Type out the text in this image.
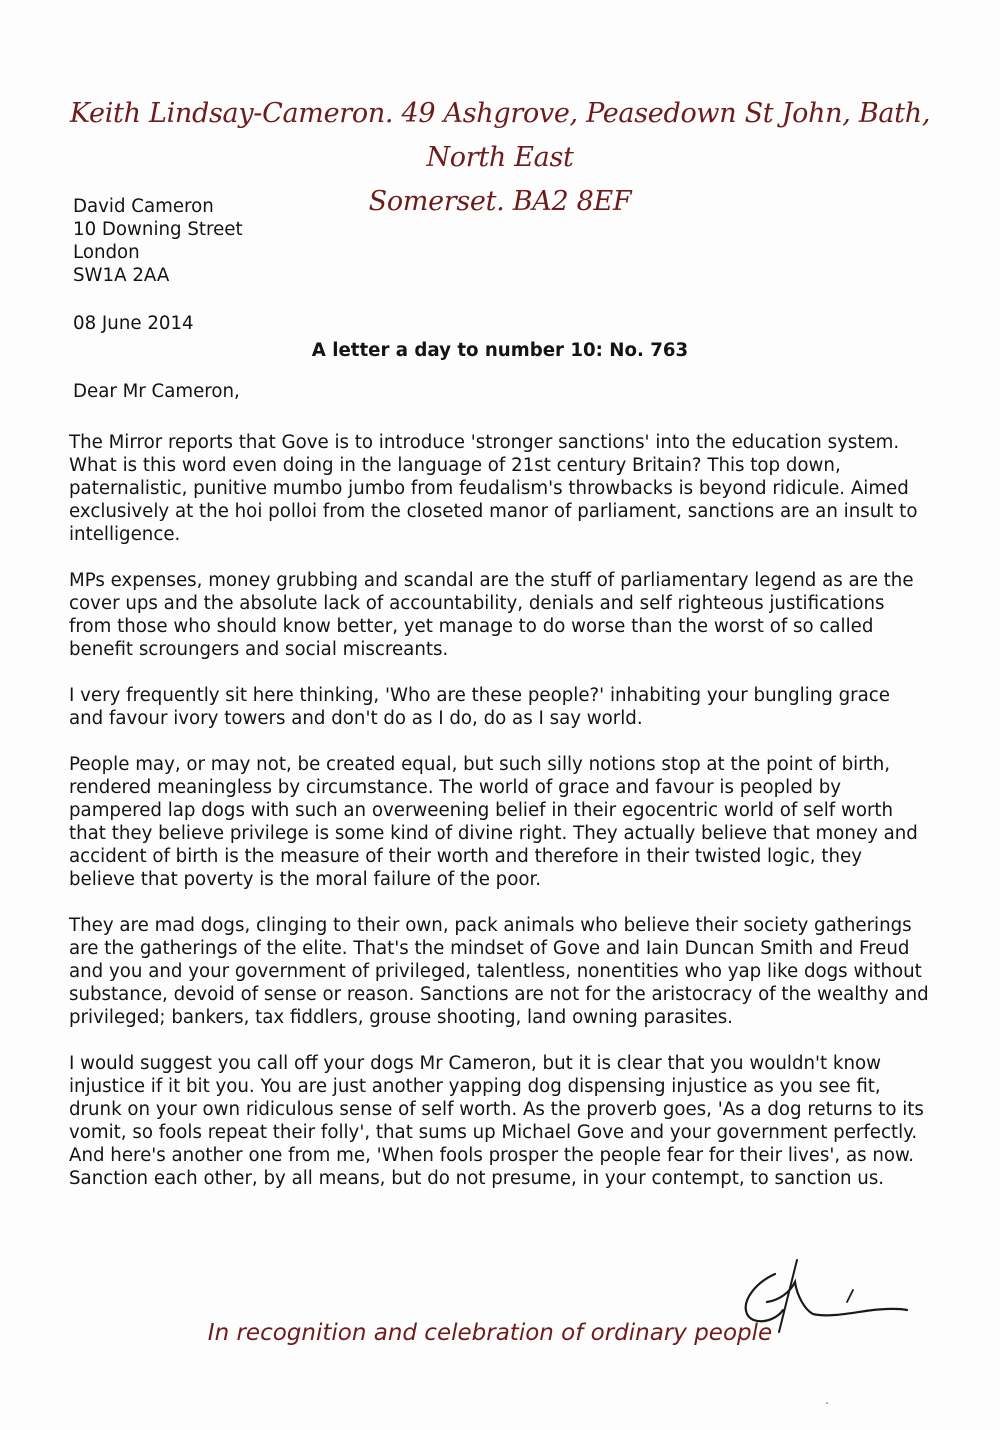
Keith Lindsay-Cameron. 49 Ashgrove, Peasedown St John, Bath, North East
Somerset. BA2 8EF
David Cameron
10 Downing Street
London
SW1A 2AA
08 June 2014
A letter a day to number 10: No. 763
Dear Mr Cameron,

The Mirror reports that Gove is to introduce 'stronger sanctions' into the education system. What is this word even doing in the language of 21st century Britain? This top down, paternalistic, punitive mumbo jumbo from feudalism's throwbacks is beyond ridicule. Aimed exclusively at the hoi polloi from the closeted manor of parliament, sanctions are an insult to intelligence.

MPs expenses, money grubbing and scandal are the stuff of parliamentary legend as are the cover ups and the absolute lack of accountability, denials and self righteous justifications from those who should know better, yet manage to do worse than the worst of so called benefit scroungers and social miscreants.

I very frequently sit here thinking, 'Who are these people?' inhabiting your bungling grace and favour ivory towers and don't do as I do, do as I say world.

People may, or may not, be created equal, but such silly notions stop at the point of birth, rendered meaningless by circumstance. The world of grace and favour is peopled by pampered lap dogs with such an overweening belief in their egocentric world of self worth that they believe privilege is some kind of divine right. They actually believe that money and accident of birth is the measure of their worth and therefore in their twisted logic, they believe that poverty is the moral failure of the poor.

They are mad dogs, clinging to their own, pack animals who believe their society gatherings are the gatherings of the elite. That's the mindset of Gove and Iain Duncan Smith and Freud and you and your government of privileged, talentless, nonentities who yap like dogs without substance, devoid of sense or reason. Sanctions are not for the aristocracy of the wealthy and privileged; bankers, tax fiddlers, grouse shooting, land owning parasites.

I would suggest you call off your dogs Mr Cameron, but it is clear that you wouldn't know injustice if it bit you. You are just another yapping dog dispensing injustice as you see fit, drunk on your own ridiculous sense of self worth. As the proverb goes, 'As a dog returns to its vomit, so fools repeat their folly', that sums up Michael Gove and your government perfectly. And here's another one from me, 'When fools prosper the people fear for their lives', as now. Sanction each other, by all means, but do not presume, in your contempt, to sanction us.

In recognition and celebration of ordinary people
